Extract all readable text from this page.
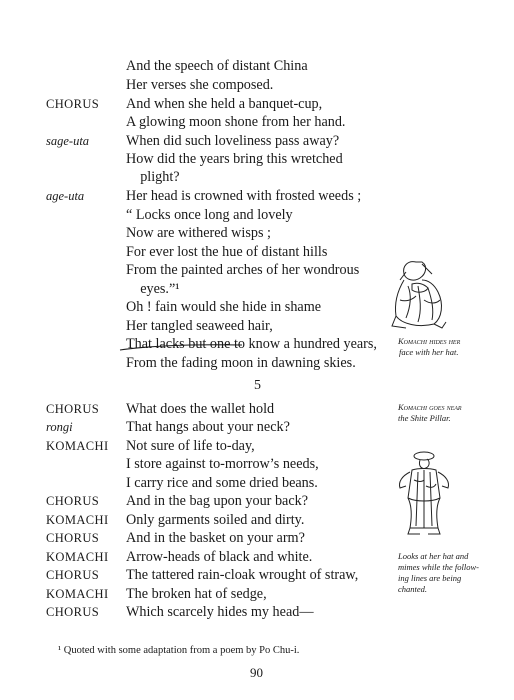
And the speech of distant China
Her verses she composed.
CHORUS And when she held a banquet-cup,
A glowing moon shone from her hand.
sage-uta	When did such loveliness pass away?
How did the years bring this wretched
plight?
age-uta	Her head is crowned with frosted weeds ;
“ Locks once long and lovely
Now are withered wisps ;
For ever lost the hue of distant hills
From the painted arches of her wondrous
eyes.”¹
Oh ! fain would she hide in shame
Her tangled seaweed hair,
That lacks but one to know a hundred years,
From the fading moon in dawning skies.
Komachi hides her
face with her hat.
5
CHORUS What does the wallet hold
rongi	That hangs about your neck?
KOMACHI Not sure of life to-day,
I store against to-morrow’s needs,
I carry rice and some dried beans.
CHORUS And in the bag upon your back?
KOMACHI Only garments soiled and dirty.
CHORUS And in the basket on your arm?
KOMACHI Arrow-heads of black and white.
CHORUS The tattered rain-cloak wrought of straw,
KOMACHI The broken hat of sedge,
CHORUS Which scarcely hides my head—
Komachi goes near
the Shite Pillar.
Looks at her hat and
mimes while the follow-
ing lines are being
chanted.
¹ Quoted with some adaptation from a poem by Po Chu-i.
90
